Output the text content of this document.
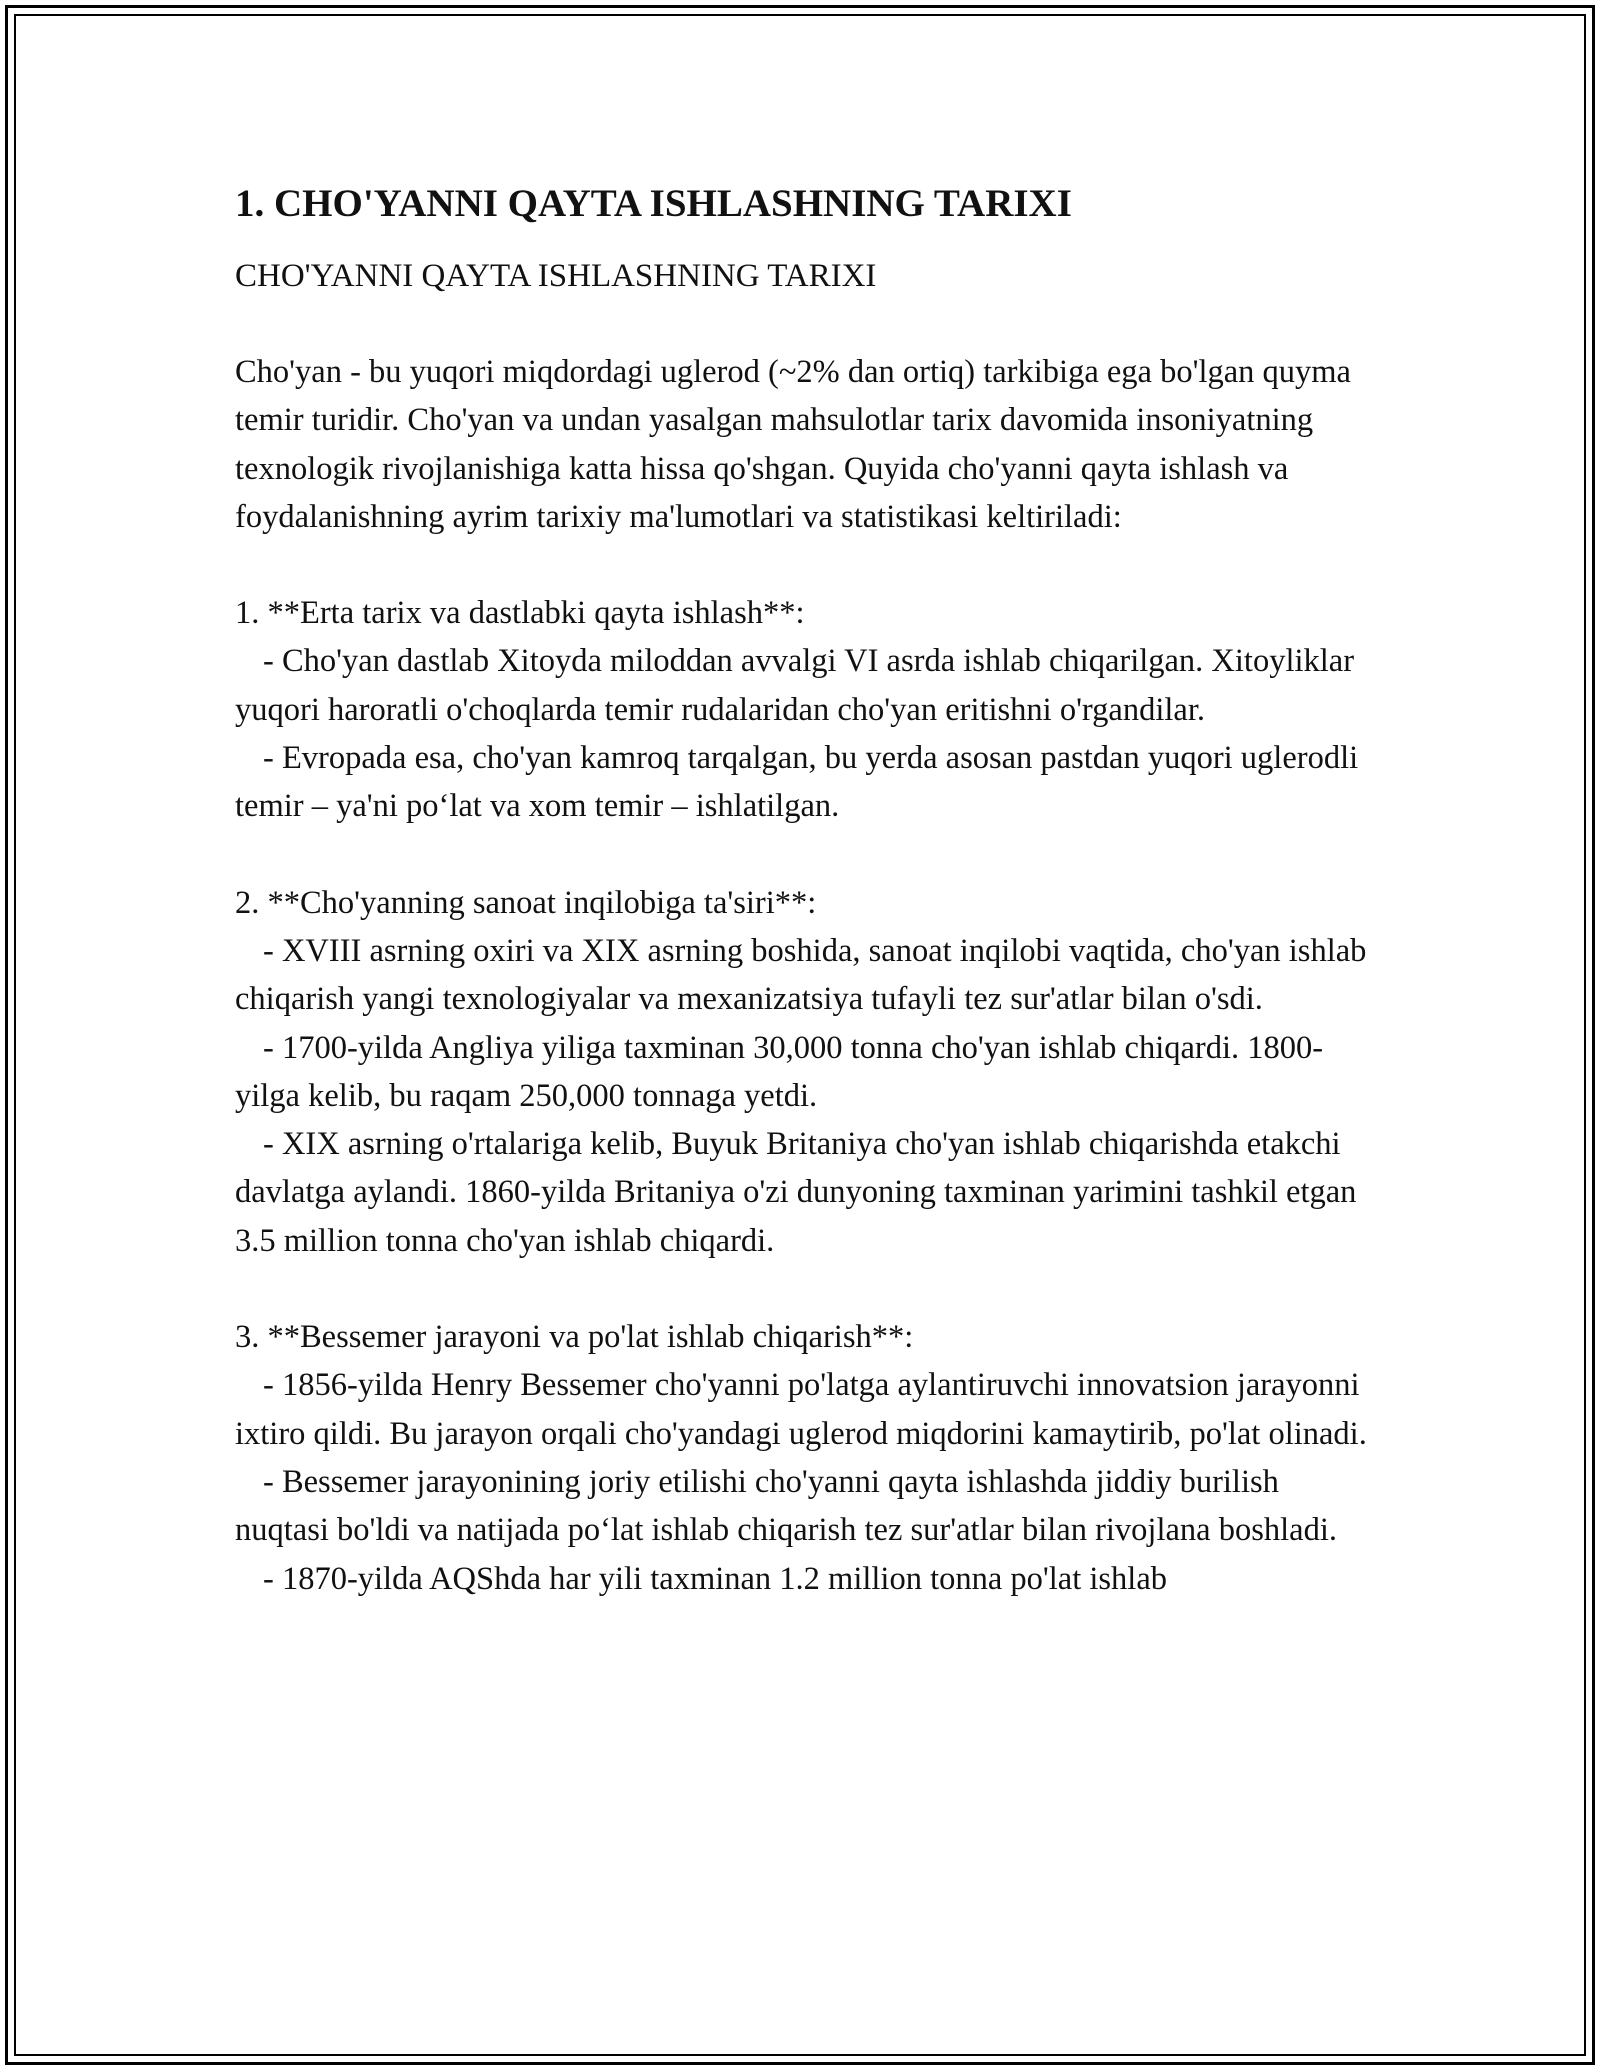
1. CHO'YANNI QAYTA ISHLASHNING TARIXI
CHO'YANNI QAYTA ISHLASHNING TARIXI

Cho'yan - bu yuqori miqdordagi uglerod (~2% dan ortiq) tarkibiga ega bo'lgan quyma temir turidir. Cho'yan va undan yasalgan mahsulotlar tarix davomida insoniyatning texnologik rivojlanishiga katta hissa qo'shgan. Quyida cho'yanni qayta ishlash va foydalanishning ayrim tarixiy ma'lumotlari va statistikasi keltiriladi:

1. **Erta tarix va dastlabki qayta ishlash**:
- Cho'yan dastlab Xitoyda miloddan avvalgi VI asrda ishlab chiqarilgan. Xitoyliklar yuqori haroratli o'choqlarda temir rudalaridan cho'yan eritishni o'rgandilar.
- Evropada esa, cho'yan kamroq tarqalgan, bu yerda asosan pastdan yuqori uglerodli temir – ya'ni po‘lat va xom temir – ishlatilgan.
2. **Cho'yanning sanoat inqilobiga ta'siri**:
- XVIII asrning oxiri va XIX asrning boshida, sanoat inqilobi vaqtida, cho'yan ishlab chiqarish yangi texnologiyalar va mexanizatsiya tufayli tez sur'atlar bilan o'sdi.
- 1700-yilda Angliya yiliga taxminan 30,000 tonna cho'yan ishlab chiqardi. 1800-yilga kelib, bu raqam 250,000 tonnaga yetdi.
- XIX asrning o'rtalariga kelib, Buyuk Britaniya cho'yan ishlab chiqarishda etakchi davlatga aylandi. 1860-yilda Britaniya o'zi dunyoning taxminan yarimini tashkil etgan 3.5 million tonna cho'yan ishlab chiqardi.
3. **Bessemer jarayoni va po'lat ishlab chiqarish**:
- 1856-yilda Henry Bessemer cho'yanni po'latga aylantiruvchi innovatsion jarayonni ixtiro qildi. Bu jarayon orqali cho'yandagi uglerod miqdorini kamaytirib, po'lat olinadi.
- Bessemer jarayonining joriy etilishi cho'yanni qayta ishlashda jiddiy burilish nuqtasi bo'ldi va natijada po‘lat ishlab chiqarish tez sur'atlar bilan rivojlana boshladi.
- 1870-yilda AQShda har yili taxminan 1.2 million tonna po'lat ishlab
